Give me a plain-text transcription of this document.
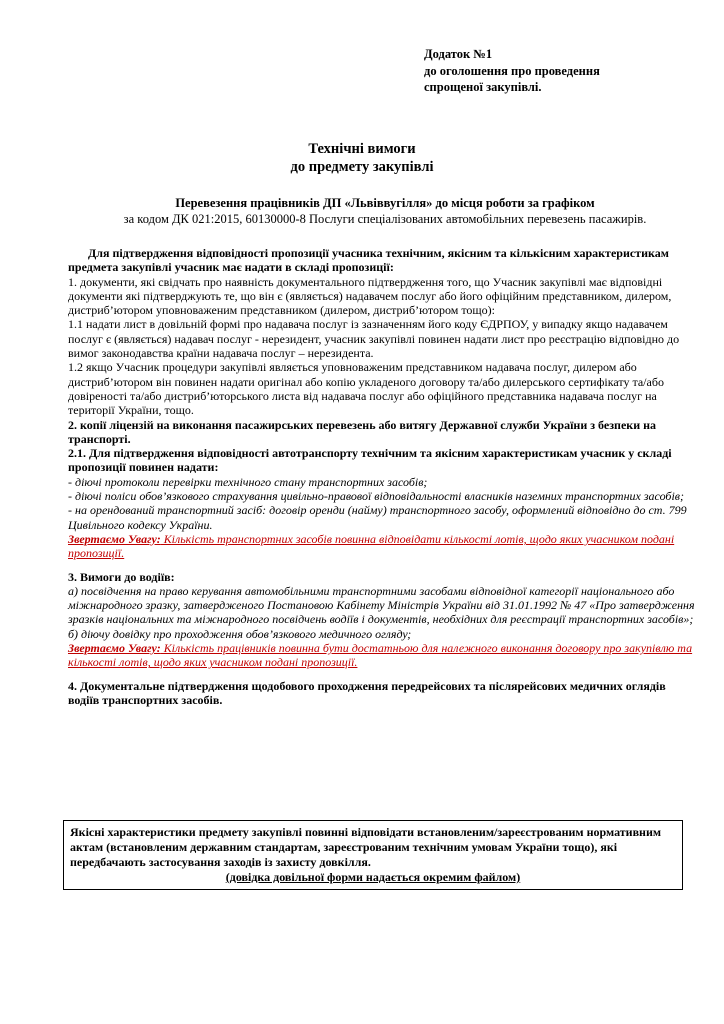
Додаток №1
до оголошення про проведення
спрощеної закупівлі.
Технічні вимоги
до предмету закупівлі
Перевезення працівників ДП «Львіввугілля» до місця роботи за графіком
за кодом ДК 021:2015, 60130000-8 Послуги спеціалізованих автомобільних перевезень пасажирів.

Для підтвердження відповідності пропозиції учасника технічним, якісним та кількісним характеристикам предмета закупівлі учасник має надати в складі пропозиції:

1. документи, які свідчать про наявність документального підтвердження того, що Учасник закупівлі має відповідні документи які підтверджують те, що він є (являється) надавачем послуг або його офіційним представником, дилером, дистриб’ютором уповноваженим представником (дилером, дистриб’ютором тощо):

1.1 надати лист в довільній формі про надавача послуг із зазначенням його коду ЄДРПОУ, у випадку якщо надавачем послуг є (являється) надавач послуг - нерезидент, учасник закупівлі повинен надати лист про реєстрацію відповідно до вимог законодавства країни надавача послуг – нерезидента.

1.2 якщо Учасник процедури закупівлі являється уповноваженим представником надавача послуг, дилером або дистриб’ютором він повинен надати оригінал або копію укладеного договору та/або дилерського сертифікату та/або довіреності та/або дистриб’юторського листа від надавача послуг або офіційного представника надавача послуг на території України, тощо.

2. копії ліцензій на виконання пасажирських перевезень або витягу Державної служби України з безпеки на транспорті.

2.1. Для підтвердження відповідності автотранспорту технічним та якісним характеристикам учасник у складі пропозиції повинен надати:

- діючі протоколи перевірки технічного стану транспортних засобів;

- діючі поліси обов’язкового страхування цивільно-правової відповідальності власників наземних транспортних засобів;

- на орендований транспортний засіб: договір оренди (найму) транспортного засобу, оформлений відповідно до ст. 799 Цивільного кодексу України.

Звертаємо Увагу: Кількість транспортних засобів повинна відповідати кількості лотів, щодо яких учасником подані пропозиції.

3. Вимоги до водіїв:

а) посвідчення на право керування автомобільними транспортними засобами відповідної категорії національного або міжнародного зразку, затвердженого Постановою Кабінету Міністрів України від 31.01.1992 № 47 «Про затвердження зразків національних та міжнародного посвідчень водіїв і документів, необхідних для реєстрації транспортних засобів»;

б) діючу довідку про проходження обов’язкового медичного огляду;

Звертаємо Увагу: Кількість працівників повинна бути достатньою для належного виконання договору про закупівлю та кількості лотів, щодо яких учасником подані пропозиції.

4. Документальне підтвердження щодобового проходження передрейсових та післярейсових медичних оглядів водіїв транспортних засобів.

Якісні характеристики предмету закупівлі повинні відповідати встановленим/зареєстрованим нормативним актам (встановленим державним стандартам, зареєстрованим технічним умовам України тощо), які передбачають застосування заходів із захисту довкілля.
(довідка довільної форми надається окремим файлом)
